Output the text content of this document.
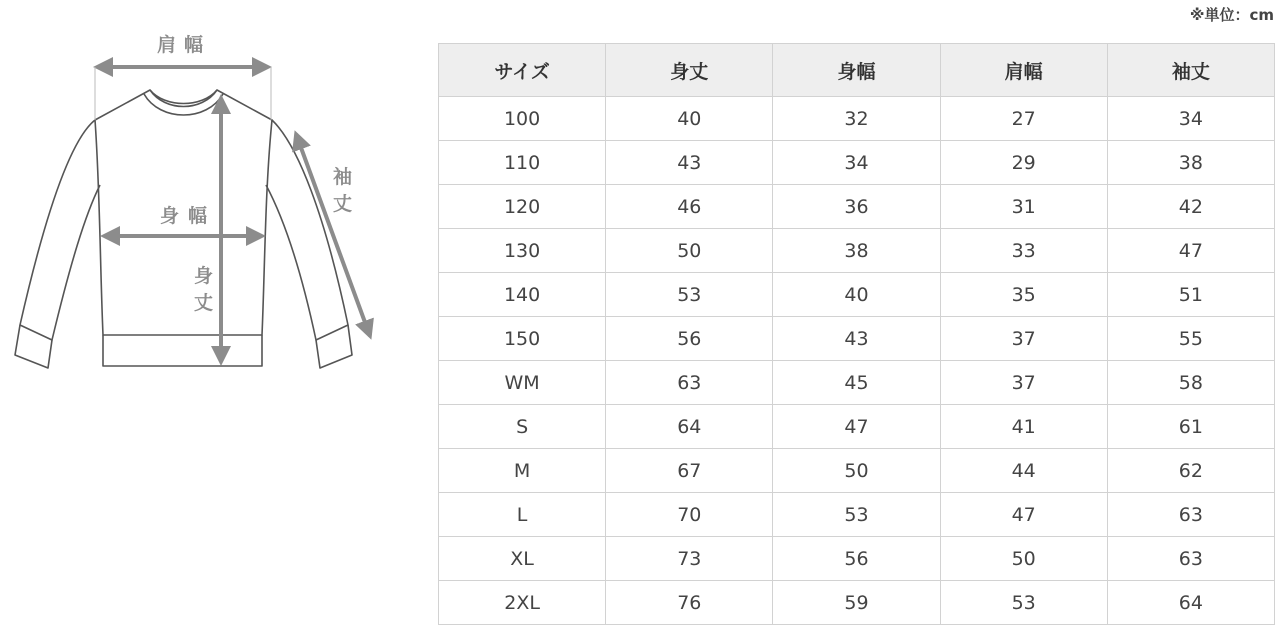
※単位：cm
肩 幅
身 幅
身
丈
袖
丈
サイズ	身丈	身幅	肩幅	袖丈
100	40	32	27	34
110	43	34	29	38
120	46	36	31	42
130	50	38	33	47
140	53	40	35	51
150	56	43	37	55
WM	63	45	37	58
S	64	47	41	61
M	67	50	44	62
L	70	53	47	63
XL	73	56	50	63
2XL	76	59	53	64
